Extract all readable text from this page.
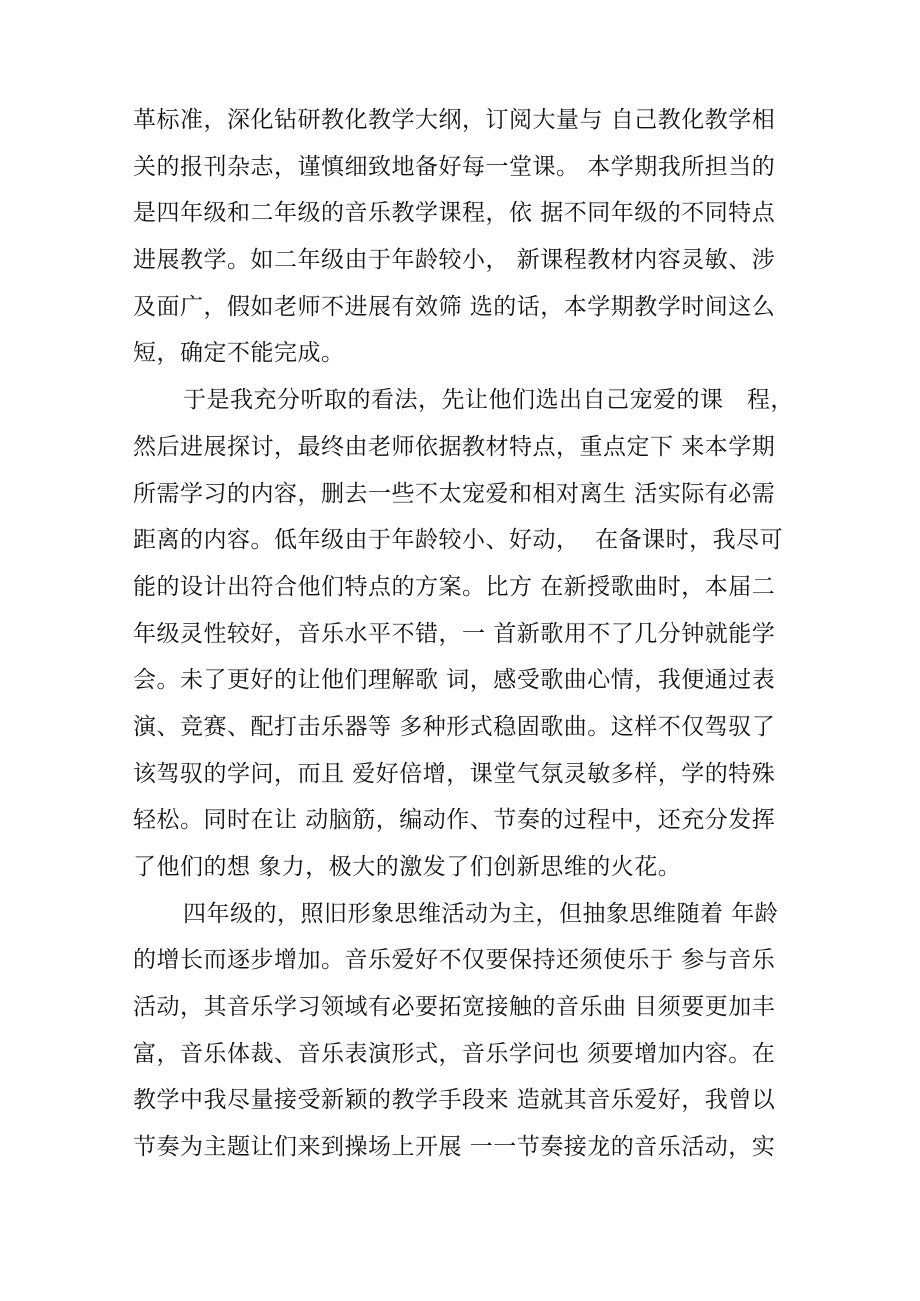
革标准，深化钻研教化教学大纲，订阅大量与 自己教化教学相
关的报刊杂志，谨慎细致地备好每一堂课。 本学期我所担当的
是四年级和二年级的音乐教学课程，依 据不同年级的不同特点
进展教学。如二年级由于年龄较小， 新课程教材内容灵敏、涉
及面广，假如老师不进展有效筛 选的话，本学期教学时间这么
短，确定不能完成。
于是我充分听取的看法，先让他们选出自己宠爱的课   程，
然后进展探讨，最终由老师依据教材特点，重点定下 来本学期
所需学习的内容，删去一些不太宠爱和相对离生 活实际有必需
距离的内容。低年级由于年龄较小、好动，  在备课时，我尽可
能的设计出符合他们特点的方案。比方 在新授歌曲时，本届二
年级灵性较好，音乐水平不错，一 首新歌用不了几分钟就能学
会。未了更好的让他们理解歌 词，感受歌曲心情，我便通过表
演、竞赛、配打击乐器等 多种形式稳固歌曲。这样不仅驾驭了
该驾驭的学问，而且 爱好倍增，课堂气氛灵敏多样，学的特殊
轻松。同时在让 动脑筋，编动作、节奏的过程中，还充分发挥
了他们的想 象力，极大的激发了们创新思维的火花。
四年级的，照旧形象思维活动为主，但抽象思维随着 年龄
的增长而逐步增加。音乐爱好不仅要保持还须使乐于 参与音乐
活动，其音乐学习领域有必要拓宽接触的音乐曲 目须要更加丰
富，音乐体裁、音乐表演形式，音乐学问也 须要增加内容。在
教学中我尽量接受新颖的教学手段来 造就其音乐爱好，我曾以
节奏为主题让们来到操场上开展 一一节奏接龙的音乐活动，实
